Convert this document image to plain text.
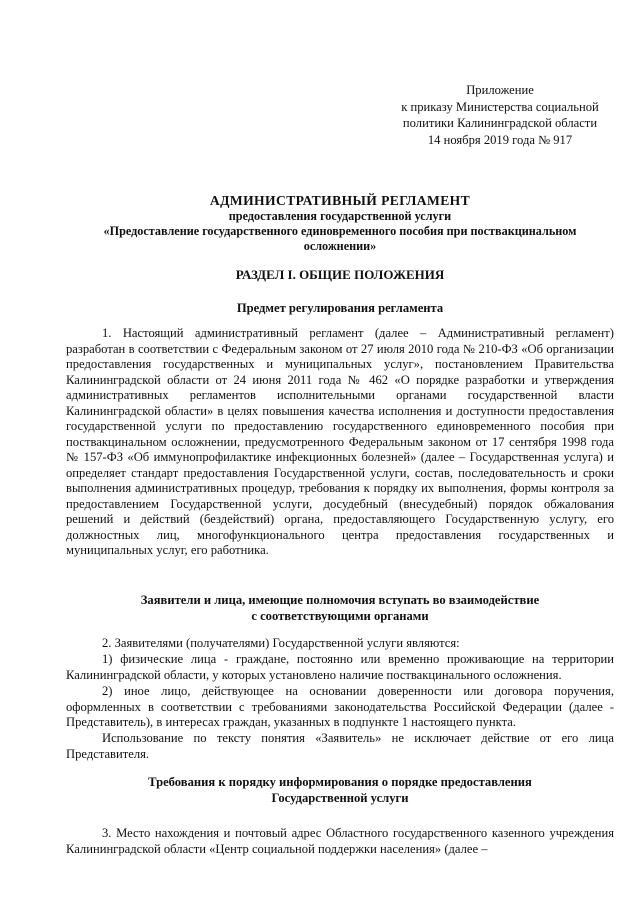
Приложение
к приказу Министерства социальной
политики Калининградской области
14 ноября 2019 года № 917
АДМИНИСТРАТИВНЫЙ РЕГЛАМЕНТ
предоставления государственной услуги
«Предоставление государственного единовременного пособия при поствакцинальном
осложнении»
РАЗДЕЛ I. ОБЩИЕ ПОЛОЖЕНИЯ
Предмет регулирования регламента
1. Настоящий административный регламент (далее – Административный регламент) разработан в соответствии с Федеральным законом от 27 июля 2010 года № 210-ФЗ «Об организации предоставления государственных и муниципальных услуг», постановлением Правительства Калининградской области от 24 июня 2011 года № 462 «О порядке разработки и утверждения административных регламентов исполнительными органами государственной власти Калининградской области» в целях повышения качества исполнения и доступности предоставления государственной услуги по предоставлению государственного единовременного пособия при поствакцинальном осложнении, предусмотренного Федеральным законом от 17 сентября 1998 года № 157-ФЗ «Об иммунопрофилактике инфекционных болезней» (далее – Государственная услуга) и определяет стандарт предоставления Государственной услуги, состав, последовательность и сроки выполнения административных процедур, требования к порядку их выполнения, формы контроля за предоставлением Государственной услуги, досудебный (внесудебный) порядок обжалования решений и действий (бездействий) органа, предоставляющего Государственную услугу, его должностных лиц, многофункционального центра предоставления государственных и муниципальных услуг, его работника.
Заявители и лица, имеющие полномочия вступать во взаимодействие
с соответствующими органами
2. Заявителями (получателями) Государственной услуги являются:
1) физические лица - граждане, постоянно или временно проживающие на территории Калининградской области, у которых установлено наличие поствакцинального осложнения.
2) иное лицо, действующее на основании доверенности или договора поручения, оформленных в соответствии с требованиями законодательства Российской Федерации (далее - Представитель), в интересах граждан, указанных в подпункте 1 настоящего пункта.
Использование по тексту понятия «Заявитель» не исключает действие от его лица Представителя.
Требования к порядку информирования о порядке предоставления
Государственной услуги
3. Место нахождения и почтовый адрес Областного государственного казенного учреждения Калининградской области «Центр социальной поддержки населения» (далее –
